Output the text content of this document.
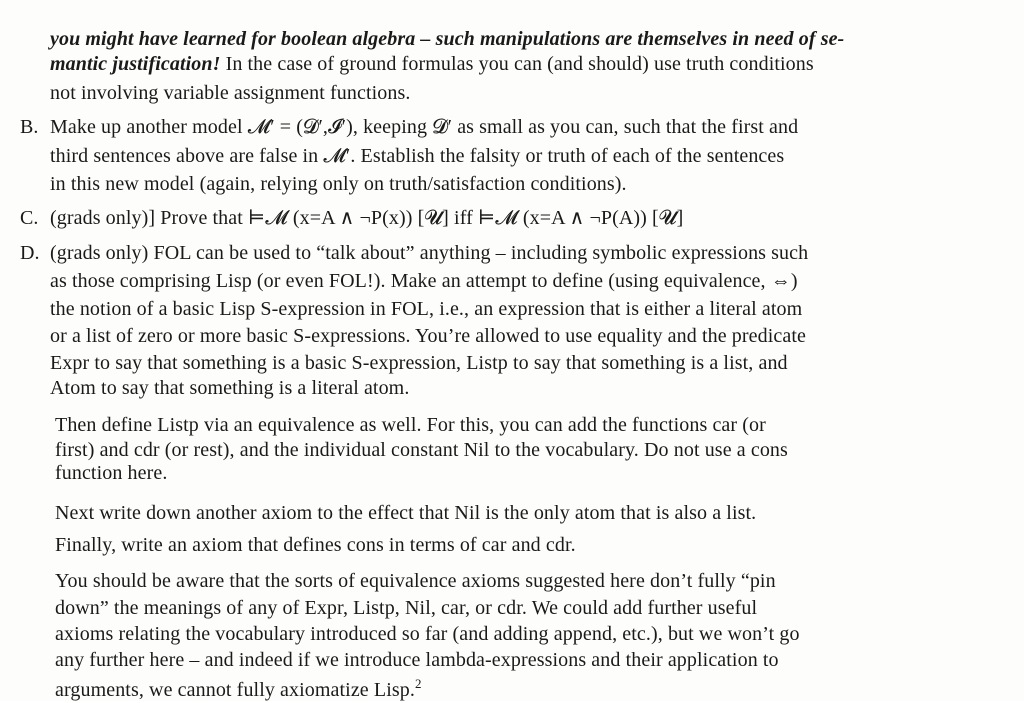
you might have learned for boolean algebra – such manipulations are themselves in need of se-
mantic justification! In the case of ground formulas you can (and should) use truth conditions
not involving variable assignment functions.
B. Make up another model 𝓜′ = (𝓓′,𝓘′), keeping 𝓓′ as small as you can, such that the first and
third sentences above are false in 𝓜′. Establish the falsity or truth of each of the sentences
in this new model (again, relying only on truth/satisfaction conditions).
C. (grads only)] Prove that ⊨𝓜 (x=A ∧ ¬P(x)) [𝓤] iff ⊨𝓜 (x=A ∧ ¬P(A)) [𝓤]
D. (grads only) FOL can be used to “talk about” anything – including symbolic expressions such
as those comprising Lisp (or even FOL!). Make an attempt to define (using equivalence, ⇔)
the notion of a basic Lisp S-expression in FOL, i.e., an expression that is either a literal atom
or a list of zero or more basic S-expressions. You’re allowed to use equality and the predicate
Expr to say that something is a basic S-expression, Listp to say that something is a list, and
Atom to say that something is a literal atom.
Then define Listp via an equivalence as well. For this, you can add the functions car (or
first) and cdr (or rest), and the individual constant Nil to the vocabulary. Do not use a cons
function here.
Next write down another axiom to the effect that Nil is the only atom that is also a list.
Finally, write an axiom that defines cons in terms of car and cdr.
You should be aware that the sorts of equivalence axioms suggested here don’t fully “pin
down” the meanings of any of Expr, Listp, Nil, car, or cdr. We could add further useful
axioms relating the vocabulary introduced so far (and adding append, etc.), but we won’t go
any further here – and indeed if we introduce lambda-expressions and their application to
arguments, we cannot fully axiomatize Lisp.$^2$
